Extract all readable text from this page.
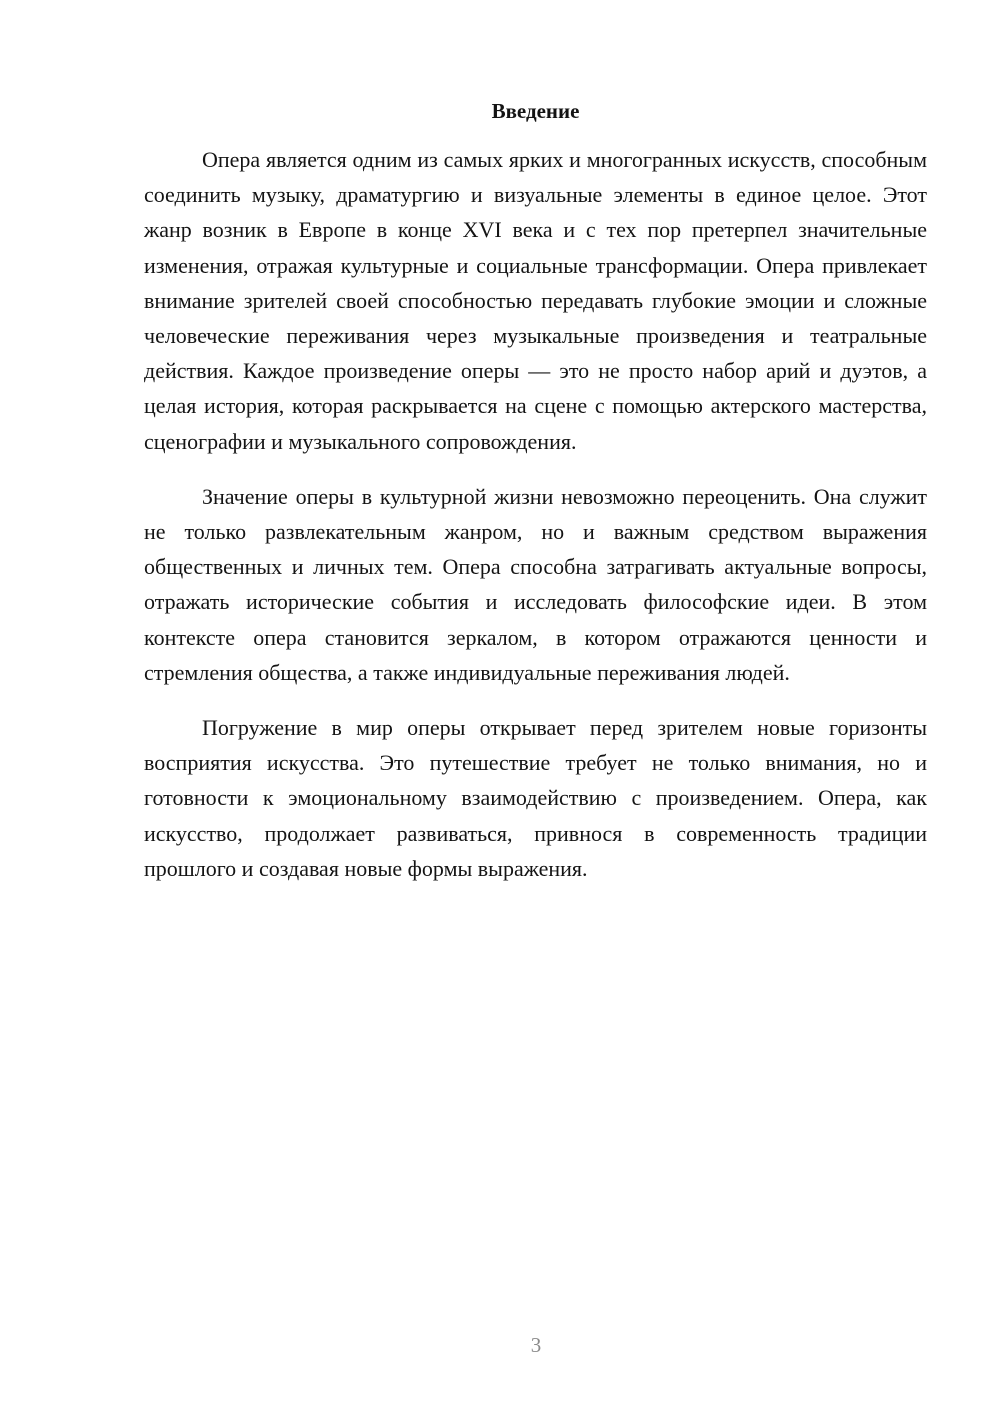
Введение

Опера является одним из самых ярких и многогранных искусств, способным соединить музыку, драматургию и визуальные элементы в единое целое. Этот жанр возник в Европе в конце XVI века и с тех пор претерпел значительные изменения, отражая культурные и социальные трансформации. Опера привлекает внимание зрителей своей способностью передавать глубокие эмоции и сложные человеческие переживания через музыкальные произведения и театральные действия. Каждое произведение оперы — это не просто набор арий и дуэтов, а целая история, которая раскрывается на сцене с помощью актерского мастерства, сценографии и музыкального сопровождения.

Значение оперы в культурной жизни невозможно переоценить. Она служит не только развлекательным жанром, но и важным средством выражения общественных и личных тем. Опера способна затрагивать актуальные вопросы, отражать исторические события и исследовать философские идеи. В этом контексте опера становится зеркалом, в котором отражаются ценности и стремления общества, а также индивидуальные переживания людей.

Погружение в мир оперы открывает перед зрителем новые горизонты восприятия искусства. Это путешествие требует не только внимания, но и готовности к эмоциональному взаимодействию с произведением. Опера, как искусство, продолжает развиваться, привнося в современность традиции прошлого и создавая новые формы выражения.

3
